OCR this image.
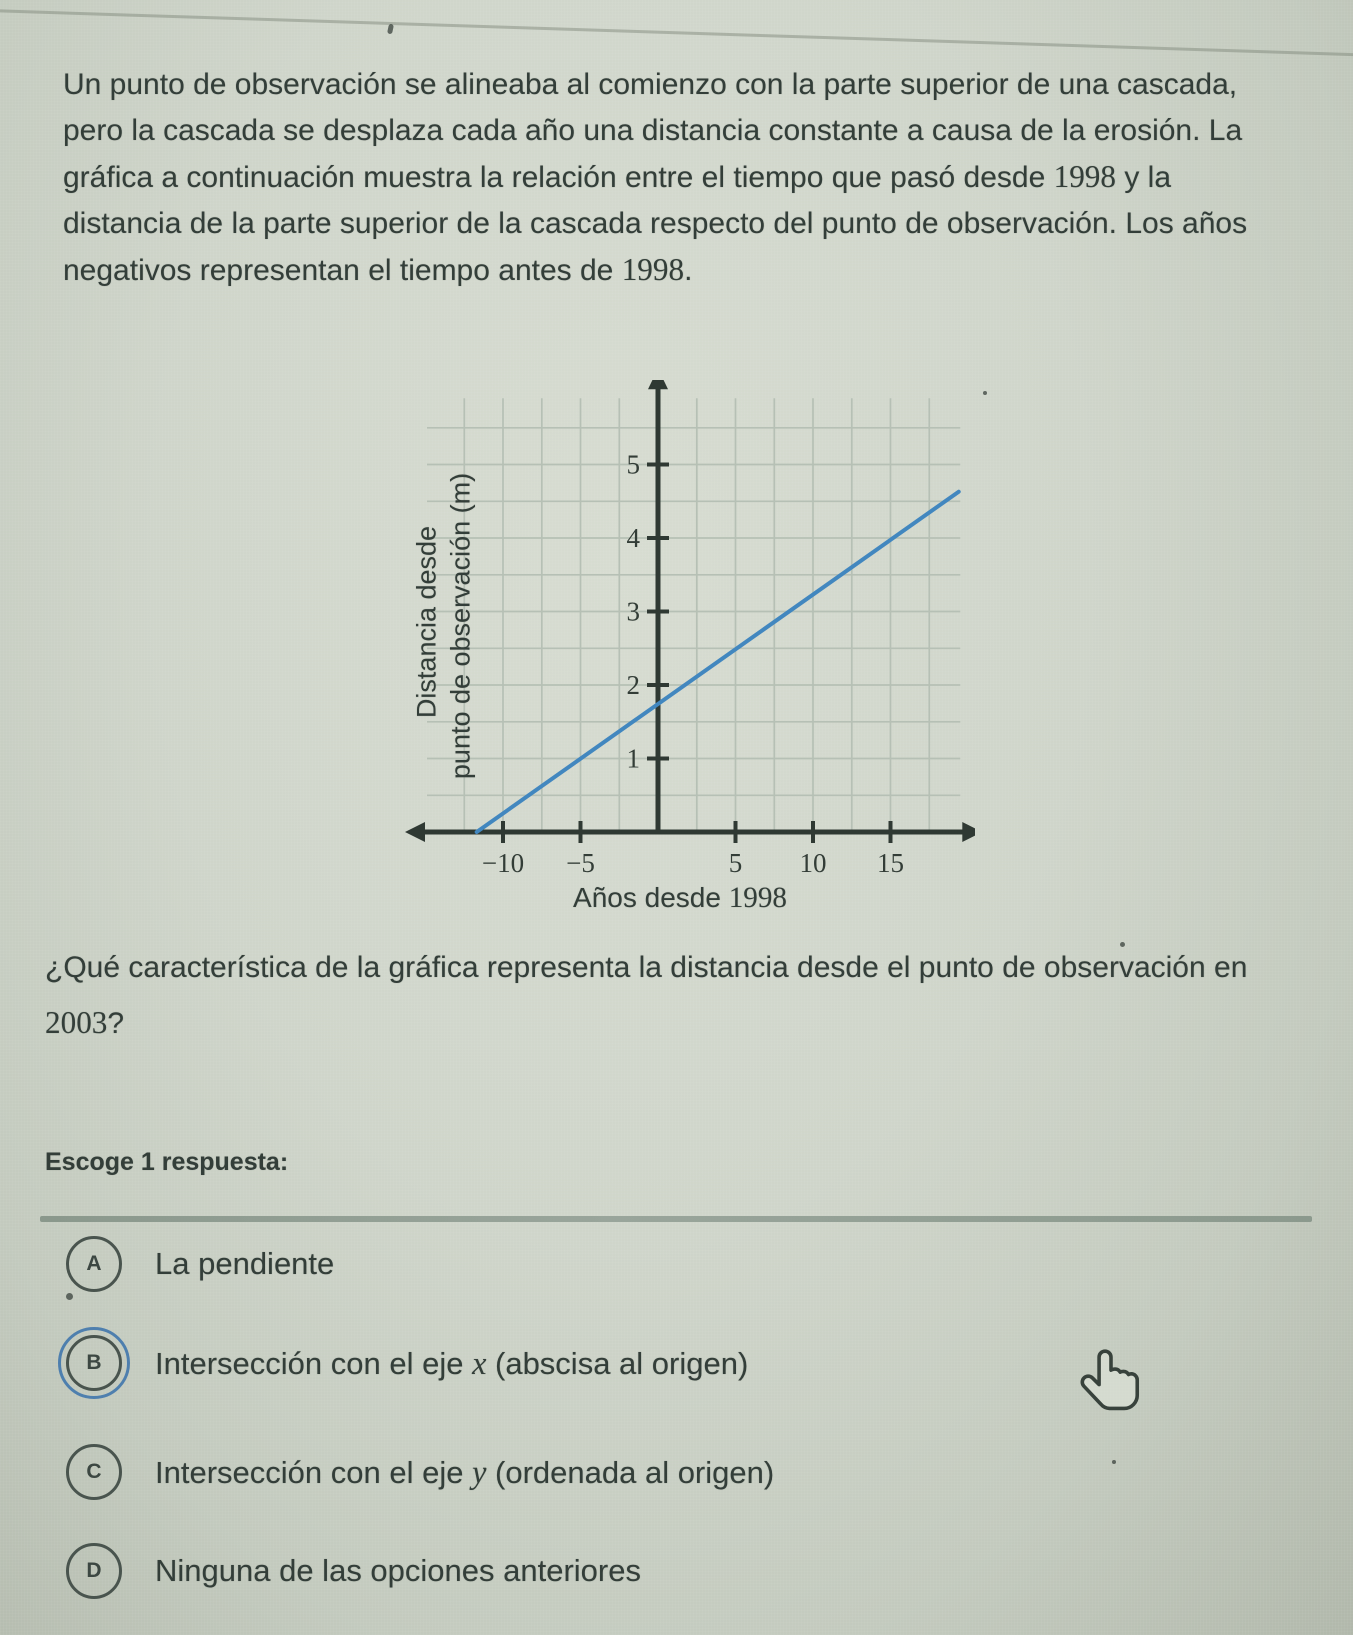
Un punto de observación se alineaba al comienzo con la parte superior de una cascada, pero la cascada se desplaza cada año una distancia constante a causa de la erosión. La gráfica a continuación muestra la relación entre el tiempo que pasó desde 1998 y la distancia de la parte superior de la cascada respecto del punto de observación. Los años negativos representan el tiempo antes de 1998.

−10 −5	5 10 15
1
2
3
4
5
Distancia desde punto de observación (m)
Años desde 1998

¿Qué característica de la gráfica representa la distancia desde el punto de observación en 2003?

Escoge 1 respuesta:
A La pendiente
B Intersección con el eje x (abscisa al origen)
C Intersección con el eje y (ordenada al origen)
D Ninguna de las opciones anteriores
